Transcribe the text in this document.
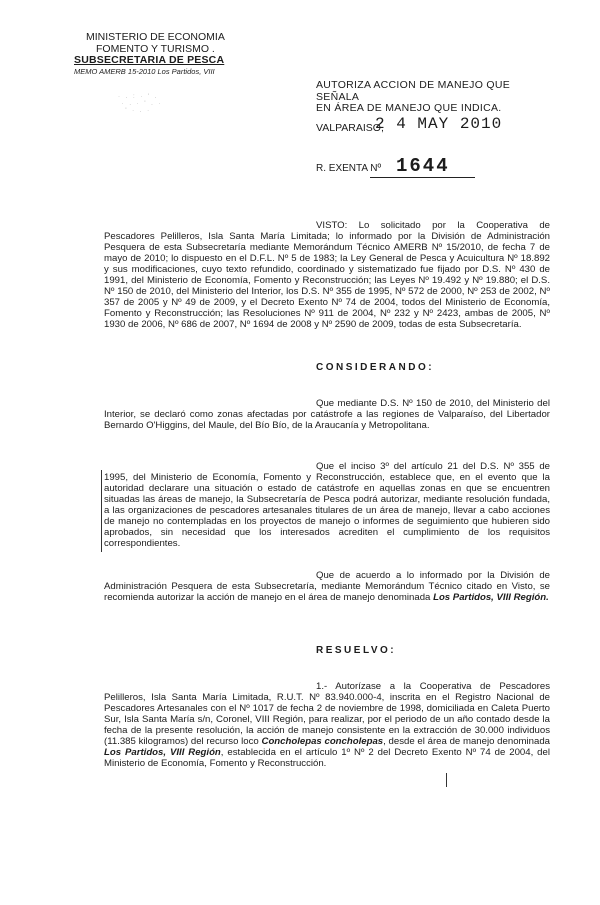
MINISTERIO DE ECONOMIA
FOMENTO Y TURISMO .
SUBSECRETARIA DE PESCA
MEMO AMERB 15-2010 Los Partidos, VIII
· . : · ' .
· . · ' . ·
' · . ·
AUTORIZA ACCION DE MANEJO QUE SEÑALA
EN ÁREA DE MANEJO QUE INDICA.
VALPARAISO,
2 4 MAY 2010
R. EXENTA Nº 1644

VISTO: Lo solicitado por la Cooperativa de Pescadores Pelilleros, Isla Santa María Limitada; lo informado por la División de Administración Pesquera de esta Subsecretaría mediante Memorándum Técnico AMERB Nº 15/2010, de fecha 7 de mayo de 2010; lo dispuesto en el D.F.L. Nº 5 de 1983; la Ley General de Pesca y Acuicultura Nº 18.892 y sus modificaciones, cuyo texto refundido, coordinado y sistematizado fue fijado por D.S. Nº 430 de 1991, del Ministerio de Economía, Fomento y Reconstrucción; las Leyes Nº 19.492 y Nº 19.880; el D.S. Nº 150 de 2010, del Ministerio del Interior, los D.S. Nº 355 de 1995, Nº 572 de 2000, Nº 253 de 2002, Nº 357 de 2005 y Nº 49 de 2009, y el Decreto Exento Nº 74 de 2004, todos del Ministerio de Economía, Fomento y Reconstrucción; las Resoluciones Nº 911 de 2004, Nº 232 y Nº 2423, ambas de 2005, Nº 1930 de 2006, Nº 686 de 2007, Nº 1694 de 2008 y Nº 2590 de 2009, todas de esta Subsecretaría.

CONSIDERANDO:

Que mediante D.S. Nº 150 de 2010, del Ministerio del Interior, se declaró como zonas afectadas por catástrofe a las regiones de Valparaíso, del Libertador Bernardo O'Higgins, del Maule, del Bío Bío, de la Araucanía y Metropolitana.

Que el inciso 3º del artículo 21 del D.S. Nº 355 de 1995, del Ministerio de Economía, Fomento y Reconstrucción, establece que, en el evento que la autoridad declarare una situación o estado de catástrofe en aquellas zonas en que se encuentren situadas las áreas de manejo, la Subsecretaría de Pesca podrá autorizar, mediante resolución fundada, a las organizaciones de pescadores artesanales titulares de un área de manejo, llevar a cabo acciones de manejo no contempladas en los proyectos de manejo o informes de seguimiento que hubieren sido aprobados, sin necesidad que los interesados acrediten el cumplimiento de los requisitos correspondientes.

Que de acuerdo a lo informado por la División de Administración Pesquera de esta Subsecretaría, mediante Memorándum Técnico citado en Visto, se recomienda autorizar la acción de manejo en el área de manejo denominada Los Partidos, VIII Región.

RESUELVO:

1.- Autorízase a la Cooperativa de Pescadores Pelilleros, Isla Santa María Limitada, R.U.T. Nº 83.940.000-4, inscrita en el Registro Nacional de Pescadores Artesanales con el Nº 1017 de fecha 2 de noviembre de 1998, domiciliada en Caleta Puerto Sur, Isla Santa María s/n, Coronel, VIII Región, para realizar, por el periodo de un año contado desde la fecha de la presente resolución, la acción de manejo consistente en la extracción de 30.000 individuos (11.385 kilogramos) del recurso loco Concholepas concholepas, desde el área de manejo denominada Los Partidos, VIII Región, establecida en el artículo 1º Nº 2 del Decreto Exento Nº 74 de 2004, del Ministerio de Economía, Fomento y Reconstrucción.
